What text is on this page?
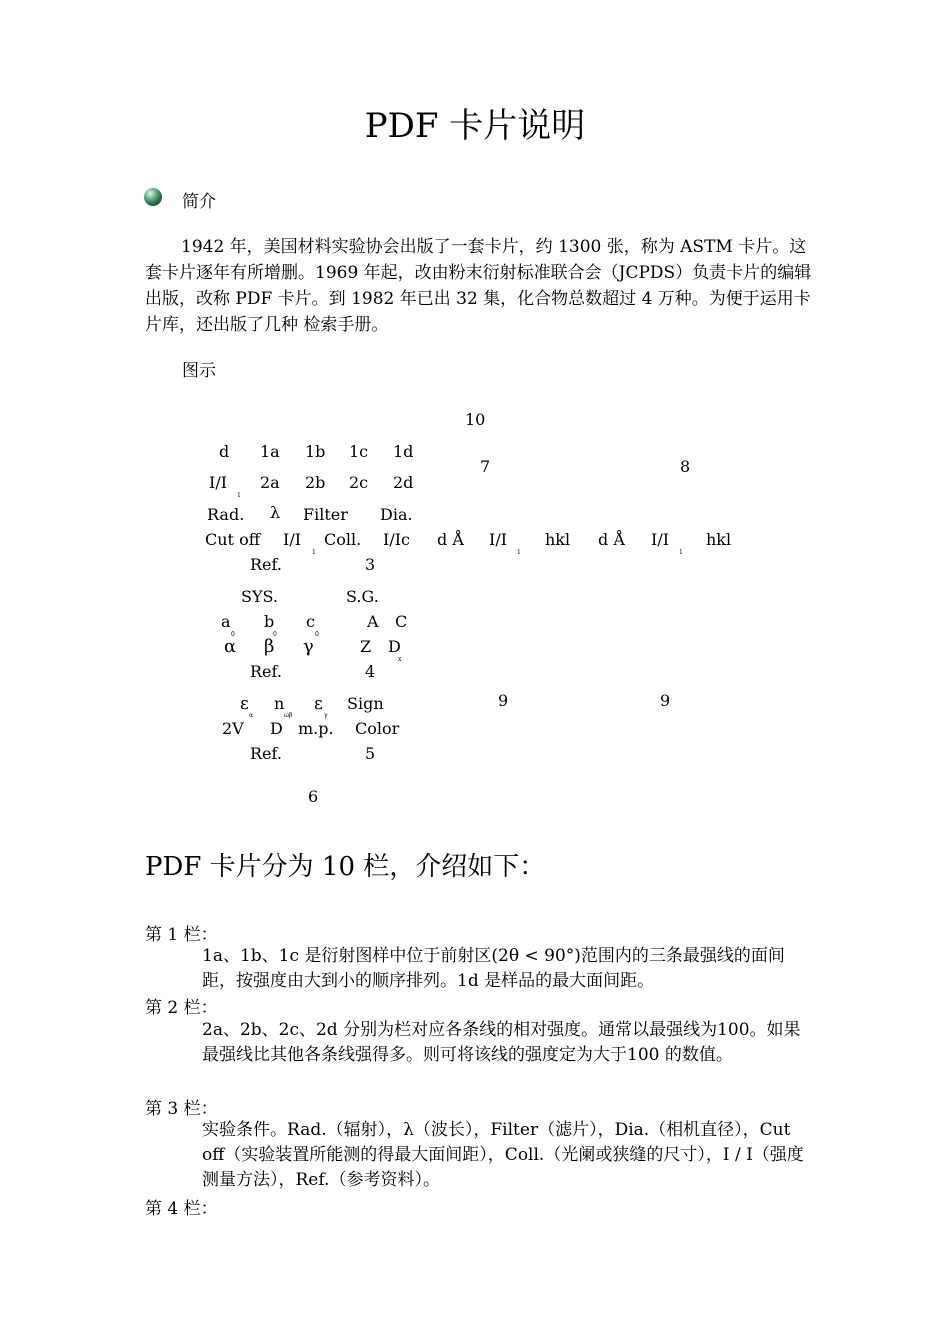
PDF 卡片说明
简介

1942 年，美国材料实验协会出版了一套卡片，约 1300 张，称为 ASTM 卡片。这套卡片逐年有所增删。1969 年起，改由粉末衍射标准联合会（JCPDS）负责卡片的编辑出版，改称 PDF 卡片。到 1982 年已出 32 集，化合物总数超过 4 万种。为便于运用卡片库，还出版了几种 检索手册。

图示
10
d 1a 1b 1c 1d
7	8
I/I
1
2a 2b 2c 2d
Rad. λ Filter Dia.
Cut off I/I
1
Coll. I/Ic d Å I/I
1
hkl d Å I/I
1
hkl
Ref.	3
SYS.	S.G.
a
0
b
0
c
0
A C
α β γ	Z D
x
Ref.	4
ε
α
n
ωβ
ε
γ
Sign	9	9
2V D m.p. Color
Ref.	5
6
PDF 卡片分为 10 栏，介绍如下：
第 1 栏：

1a、1b、1c 是衍射图样中位于前射区(2θ < 90°)范围内的三条最强线的面间距，按强度由大到小的顺序排列。1d 是样品的最大面间距。

第 2 栏：

2a、2b、2c、2d 分别为栏对应各条线的相对强度。通常以最强线为100。如果最强线比其他各条线强得多。则可将该线的强度定为大于100 的数值。

第 3 栏：

实验条件。Rad.（辐射），λ（波长），Filter（滤片），Dia.（相机直径），Cut off（实验装置所能测的得最大面间距），Coll.（光阑或狭缝的尺寸），I / I（强度测量方法），Ref.（参考资料）。

第 4 栏：
